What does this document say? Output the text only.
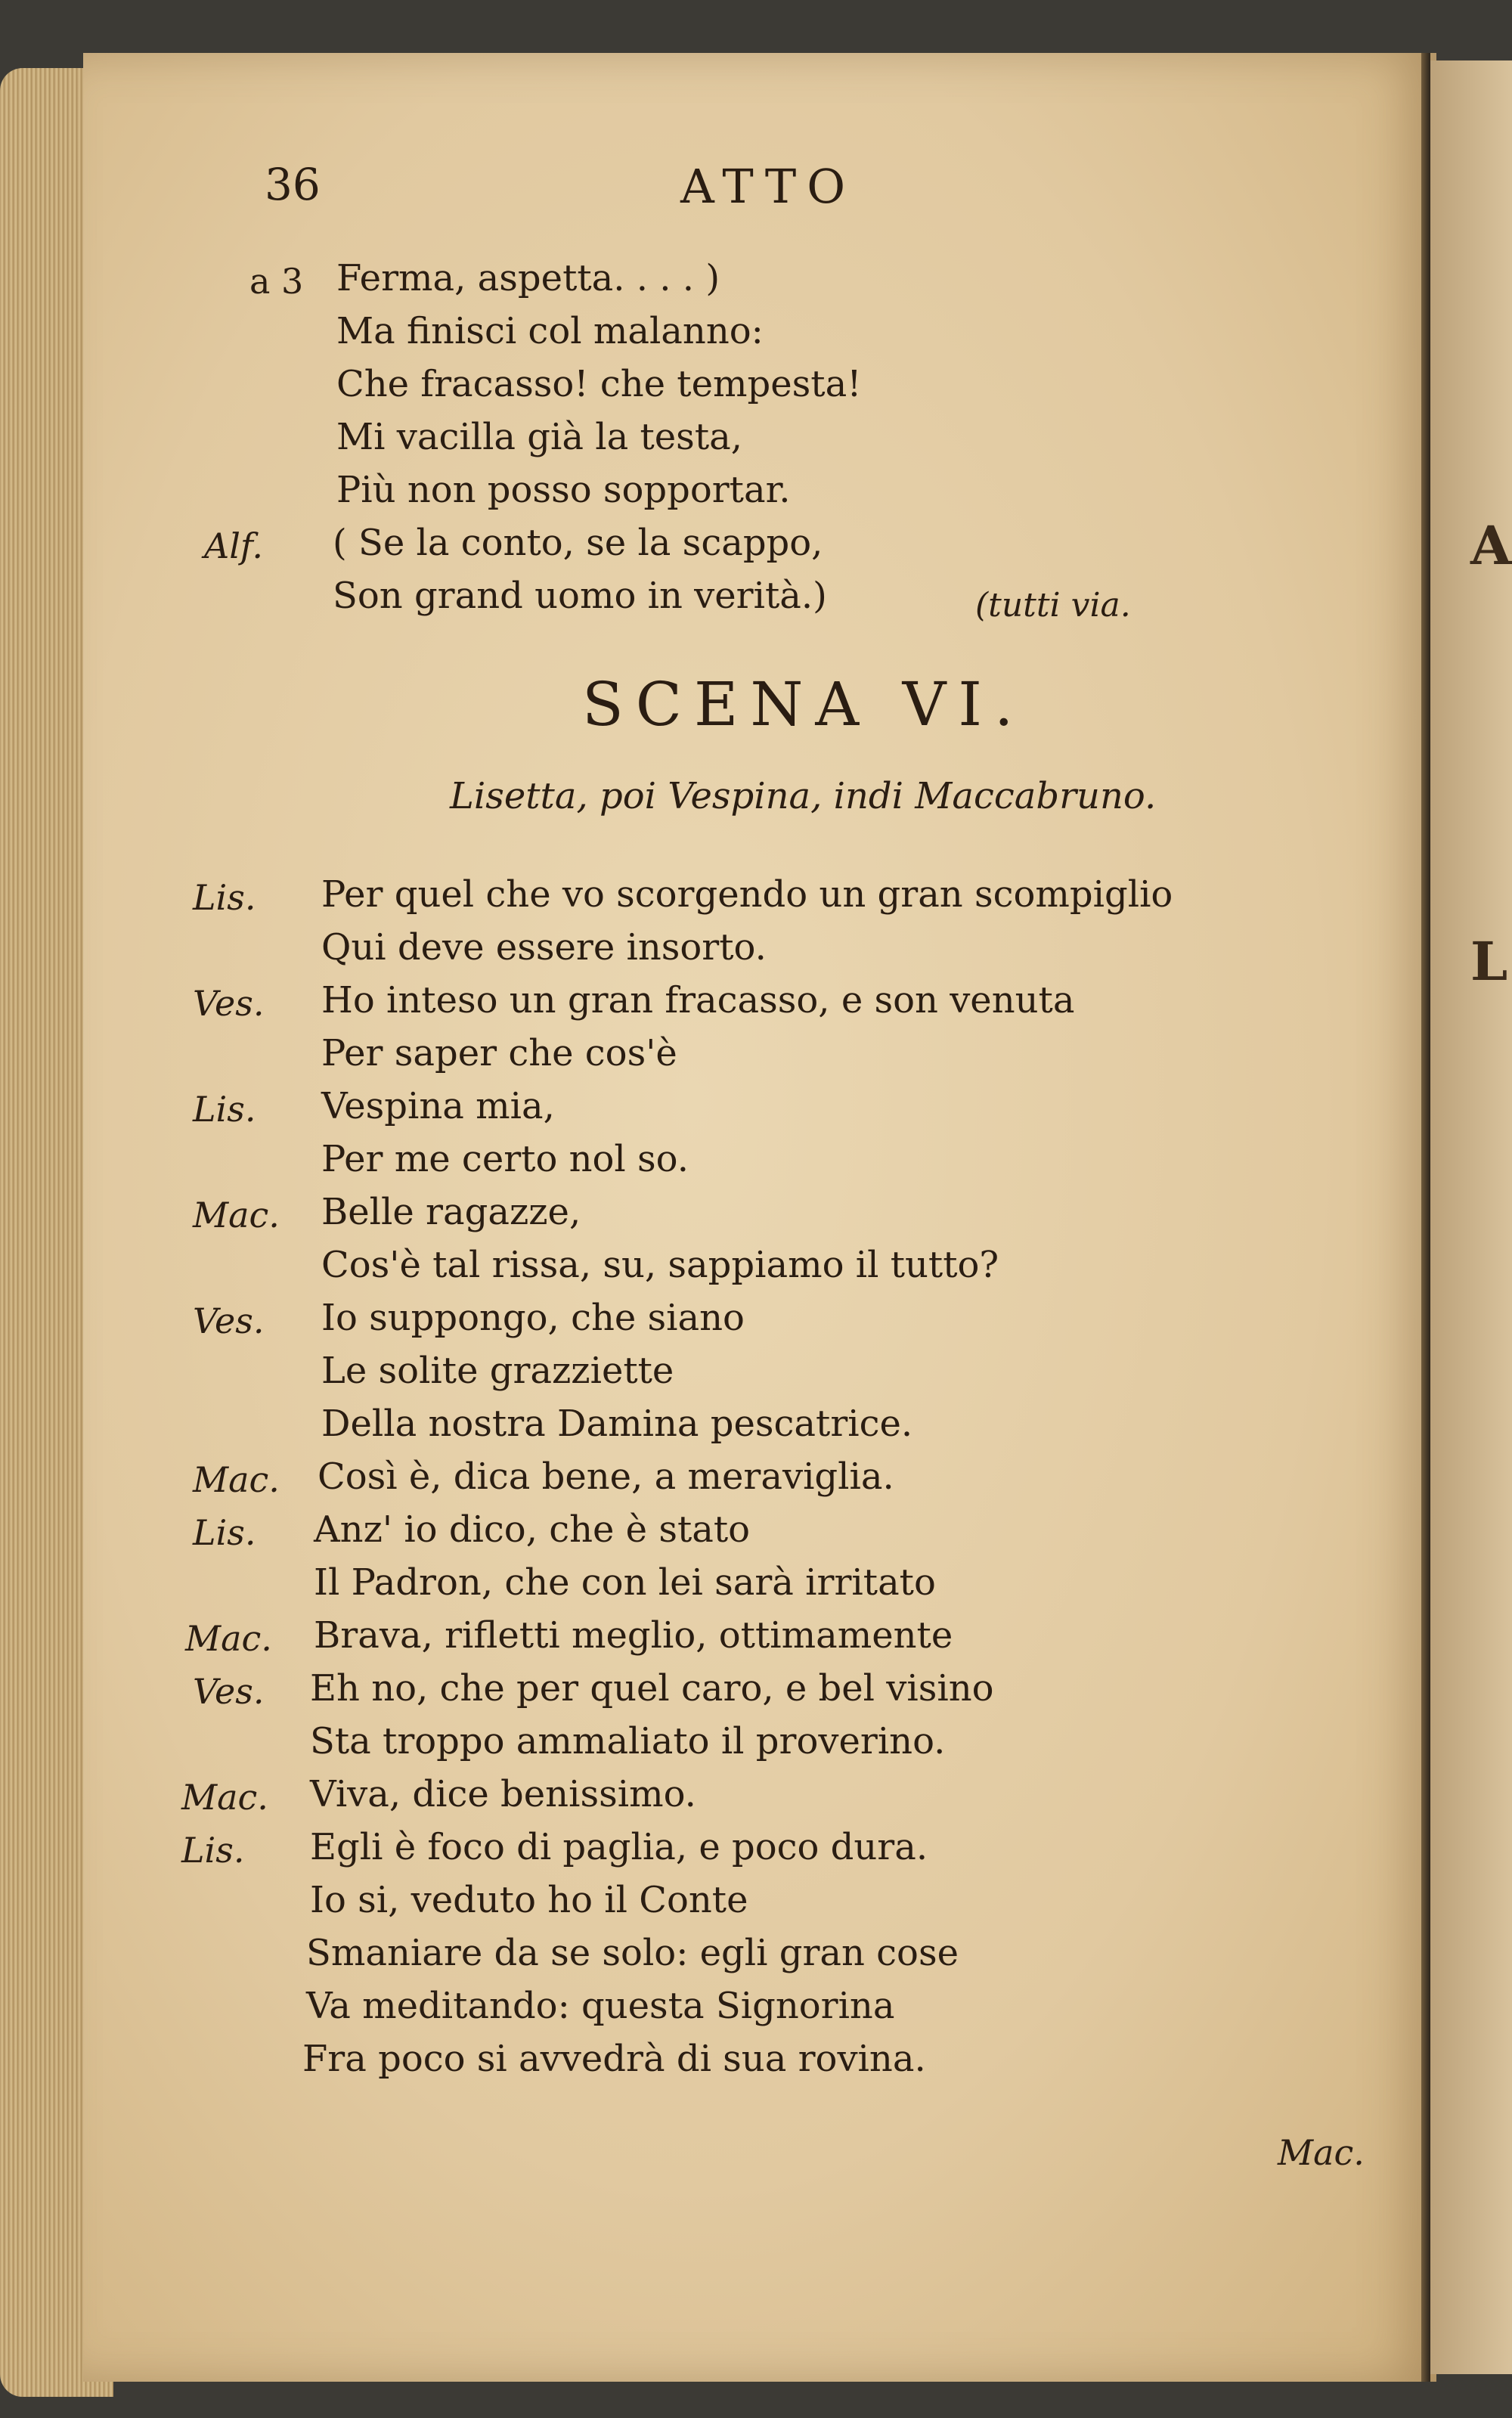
A
L
36	ATTO
a 3 Ferma, aspetta. . . . )
Ma finisci col malanno:
Che fracasso! che tempesta!
Mi vacilla già la testa,
Più non posso sopportar.
Alf. ( Se la conto, se la scappo,
Son grand uomo in verità.)	(tutti via.
SCENA VI.
Lisetta, poi Vespina, indi Maccabruno.
Lis. Per quel che vo scorgendo un gran scompiglio
Qui deve essere insorto.
Ves. Ho inteso un gran fracasso, e son venuta
Per saper che cos'è
Lis. Vespina mia,
Per me certo nol so.
Mac. Belle ragazze,
Cos'è tal rissa, su, sappiamo il tutto?
Ves. Io suppongo, che siano
Le solite grazziette
Della nostra Damina pescatrice.
Mac. Così è, dica bene, a meraviglia.
Lis. Anz' io dico, che è stato
Il Padron, che con lei sarà irritato
Mac. Brava, rifletti meglio, ottimamente
Ves. Eh no, che per quel caro, e bel visino
Sta troppo ammaliato il proverino.
Mac. Viva, dice benissimo.
Lis. Egli è foco di paglia, e poco dura.
Io si, veduto ho il Conte
Smaniare da se solo: egli gran cose
Va meditando: questa Signorina
Fra poco si avvedrà di sua rovina.
Mac.
